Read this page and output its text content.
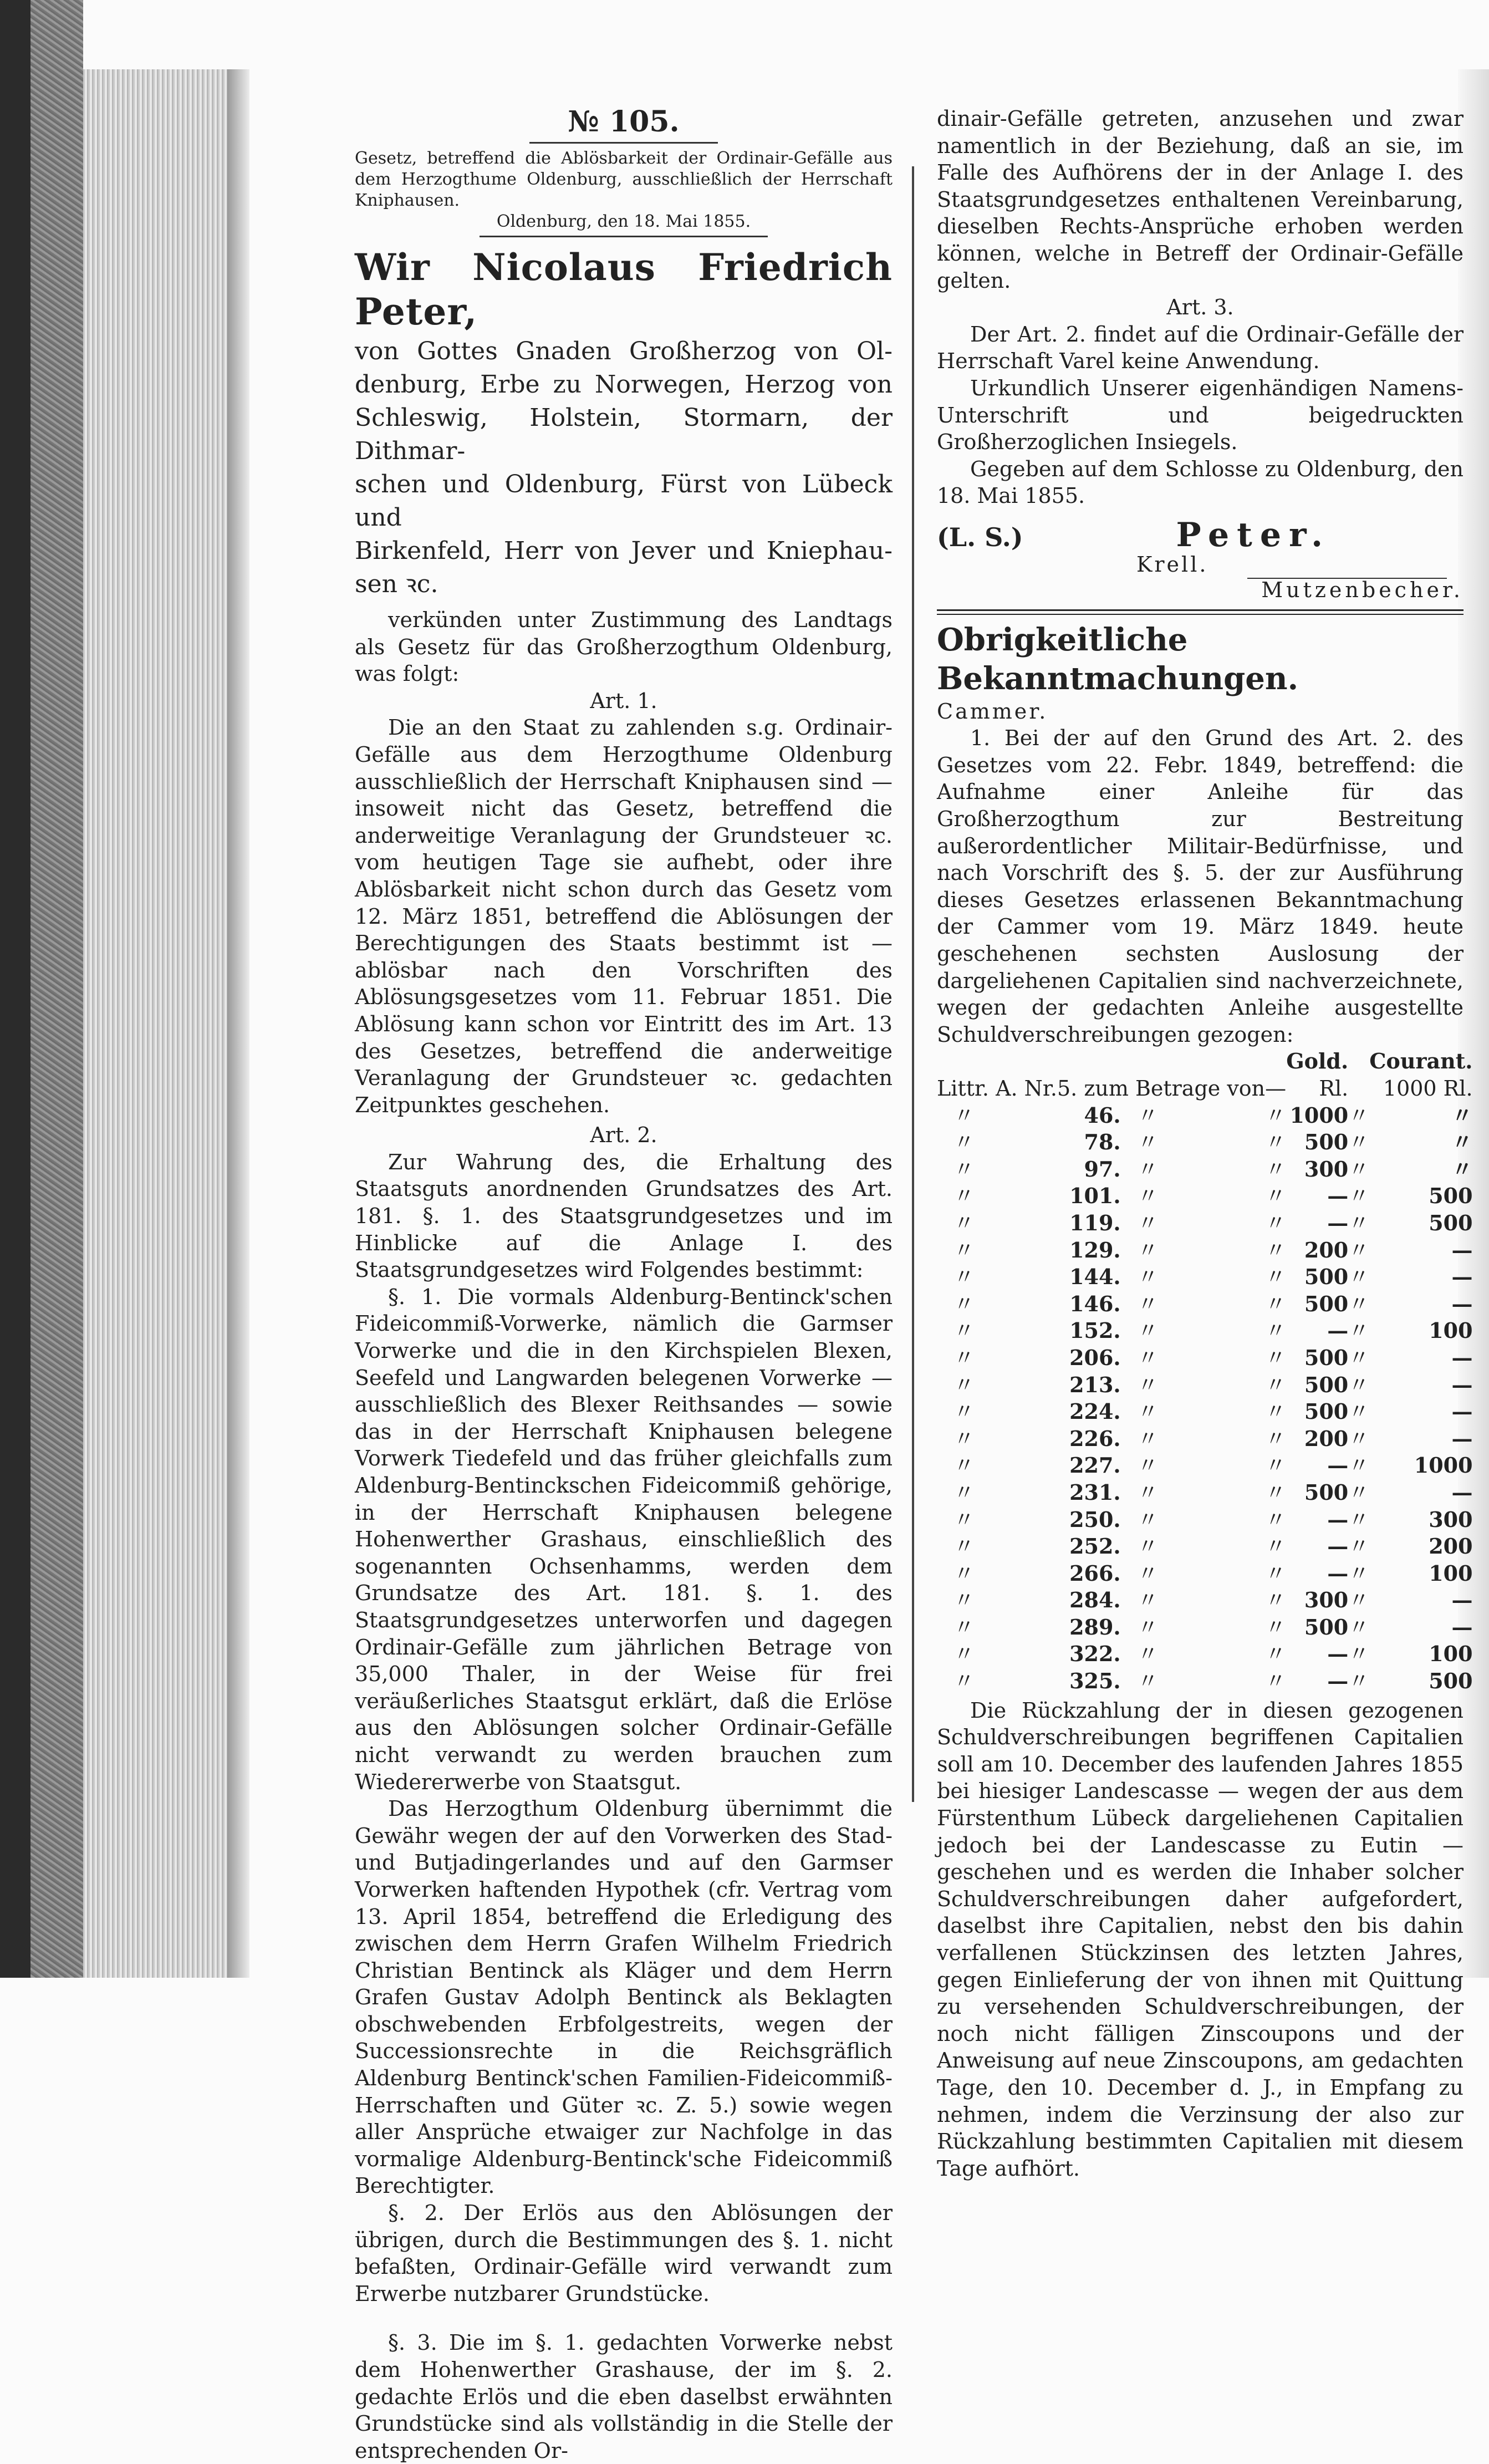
№ 105.

Gesetz, betreffend die Ablösbarkeit der Ordinair-Gefälle aus dem Herzogthume Oldenburg, ausschließlich der Herrschaft Kniphausen.

Oldenburg, den 18. Mai 1855.

Wir Nicolaus Friedrich Peter,

von Gottes Gnaden Großherzog von Ol-

denburg, Erbe zu Norwegen, Herzog von

Schleswig, Holstein, Stormarn, der Dithmar-

schen und Oldenburg, Fürst von Lübeck und

Birkenfeld, Herr von Jever und Kniephau-

sen ꝛc.

verkünden unter Zustimmung des Landtags als Gesetz für das Großherzogthum Oldenburg, was folgt:

Art. 1.

Die an den Staat zu zahlenden s.g. Ordinair-Gefälle aus dem Herzogthume Oldenburg ausschließlich der Herrschaft Kniphausen sind — insoweit nicht das Gesetz, betreffend die anderweitige Veranlagung der Grundsteuer ꝛc. vom heutigen Tage sie aufhebt, oder ihre Ablösbarkeit nicht schon durch das Gesetz vom 12. März 1851, betreffend die Ablösungen der Berechtigungen des Staats bestimmt ist — ablösbar nach den Vorschriften des Ablösungsgesetzes vom 11. Februar 1851. Die Ablösung kann schon vor Eintritt des im Art. 13 des Gesetzes, betreffend die anderweitige Veranlagung der Grundsteuer ꝛc. gedachten Zeitpunktes geschehen.

Art. 2.

Zur Wahrung des, die Erhaltung des Staatsguts anordnenden Grundsatzes des Art. 181. §. 1. des Staatsgrundgesetzes und im Hinblicke auf die Anlage I. des Staatsgrundgesetzes wird Folgendes bestimmt:

§. 1. Die vormals Aldenburg-Bentinck'schen Fideicommiß-Vorwerke, nämlich die Garmser Vorwerke und die in den Kirchspielen Blexen, Seefeld und Langwarden belegenen Vorwerke — ausschließlich des Blexer Reithsandes — sowie das in der Herrschaft Kniphausen belegene Vorwerk Tiedefeld und das früher gleichfalls zum Aldenburg-Bentinckschen Fideicommiß gehörige, in der Herrschaft Kniphausen belegene Hohenwerther Grashaus, einschließlich des sogenannten Ochsenhamms, werden dem Grundsatze des Art. 181. §. 1. des Staatsgrundgesetzes unterworfen und dagegen Ordinair-Gefälle zum jährlichen Betrage von 35,000 Thaler, in der Weise für frei veräußerliches Staatsgut erklärt, daß die Erlöse aus den Ablösungen solcher Ordinair-Gefälle nicht verwandt zu werden brauchen zum Wiedererwerbe von Staatsgut.

Das Herzogthum Oldenburg übernimmt die Gewähr wegen der auf den Vorwerken des Stad- und Butjadingerlandes und auf den Garmser Vorwerken haftenden Hypothek (cfr. Vertrag vom 13. April 1854, betreffend die Erledigung des zwischen dem Herrn Grafen Wilhelm Friedrich Christian Bentinck als Kläger und dem Herrn Grafen Gustav Adolph Bentinck als Beklagten obschwebenden Erbfolgestreits, wegen der Successionsrechte in die Reichsgräflich Aldenburg Bentinck'schen Familien-Fideicommiß-Herrschaften und Güter ꝛc. Z. 5.) sowie wegen aller Ansprüche etwaiger zur Nachfolge in das vormalige Aldenburg-Bentinck'sche Fideicommiß Berechtigter.

§. 2. Der Erlös aus den Ablösungen der übrigen, durch die Bestimmungen des §. 1. nicht befaßten, Ordinair-Gefälle wird verwandt zum Erwerbe nutzbarer Grundstücke.

§. 3. Die im §. 1. gedachten Vorwerke nebst dem Hohenwerther Grashause, der im §. 2. gedachte Erlös und die eben daselbst erwähnten Grundstücke sind als vollständig in die Stelle der entsprechenden Or-

dinair-Gefälle getreten, anzusehen und zwar namentlich in der Beziehung, daß an sie, im Falle des Aufhörens der in der Anlage I. des Staatsgrundgesetzes enthaltenen Vereinbarung, dieselben Rechts-Ansprüche erhoben werden können, welche in Betreff der Ordinair-Gefälle gelten.

Art. 3.

Der Art. 2. findet auf die Ordinair-Gefälle der Herrschaft Varel keine Anwendung.

Urkundlich Unserer eigenhändigen Namens-Unterschrift und beigedruckten Großherzoglichen Insiegels.

Gegeben auf dem Schlosse zu Oldenburg, den 18. Mai 1855.

(L. S.)	Peter.
Krell.
Mutzenbecher.

Obrigkeitliche Bekanntmachungen.

Cammer.

1. Bei der auf den Grund des Art. 2. des Gesetzes vom 22. Febr. 1849, betreffend: die Aufnahme einer Anleihe für das Großherzogthum zur Bestreitung außerordentlicher Militair-Bedürfnisse, und nach Vorschrift des §. 5. der zur Ausführung dieses Gesetzes erlassenen Bekanntmachung der Cammer vom 19. März 1849. heute geschehenen sechsten Auslosung der dargeliehenen Capitalien sind nachverzeichnete, wegen der gedachten Anleihe ausgestellte Schuldverschreibungen gezogen:

				Gold.		Courant.
Littr. A. Nr.	5. zum Betrage von		—	Rl.		1000 Rl.
〃	46.	〃	〃	1000	〃	〃
〃	78.	〃	〃	500	〃	〃
〃	97.	〃	〃	300	〃	〃
〃	101.	〃	〃	—	〃	500
〃	119.	〃	〃	—	〃	500
〃	129.	〃	〃	200	〃	—
〃	144.	〃	〃	500	〃	—
〃	146.	〃	〃	500	〃	—
〃	152.	〃	〃	—	〃	100
〃	206.	〃	〃	500	〃	—
〃	213.	〃	〃	500	〃	—
〃	224.	〃	〃	500	〃	—
〃	226.	〃	〃	200	〃	—
〃	227.	〃	〃	—	〃	1000
〃	231.	〃	〃	500	〃	—
〃	250.	〃	〃	—	〃	300
〃	252.	〃	〃	—	〃	200
〃	266.	〃	〃	—	〃	100
〃	284.	〃	〃	300	〃	—
〃	289.	〃	〃	500	〃	—
〃	322.	〃	〃	—	〃	100
〃	325.	〃	〃	—	〃	500

Die Rückzahlung der in diesen gezogenen Schuldverschreibungen begriffenen Capitalien soll am 10. December des laufenden Jahres 1855 bei hiesiger Landescasse — wegen der aus dem Fürstenthum Lübeck dargeliehenen Capitalien jedoch bei der Landescasse zu Eutin — geschehen und es werden die Inhaber solcher Schuldverschreibungen daher aufgefordert, daselbst ihre Capitalien, nebst den bis dahin verfallenen Stückzinsen des letzten Jahres, gegen Einlieferung der von ihnen mit Quittung zu versehenden Schuldverschreibungen, der noch nicht fälligen Zinscoupons und der Anweisung auf neue Zinscoupons, am gedachten Tage, den 10. December d. J., in Empfang zu nehmen, indem die Verzinsung der also zur Rückzahlung bestimmten Capitalien mit diesem Tage aufhört.
